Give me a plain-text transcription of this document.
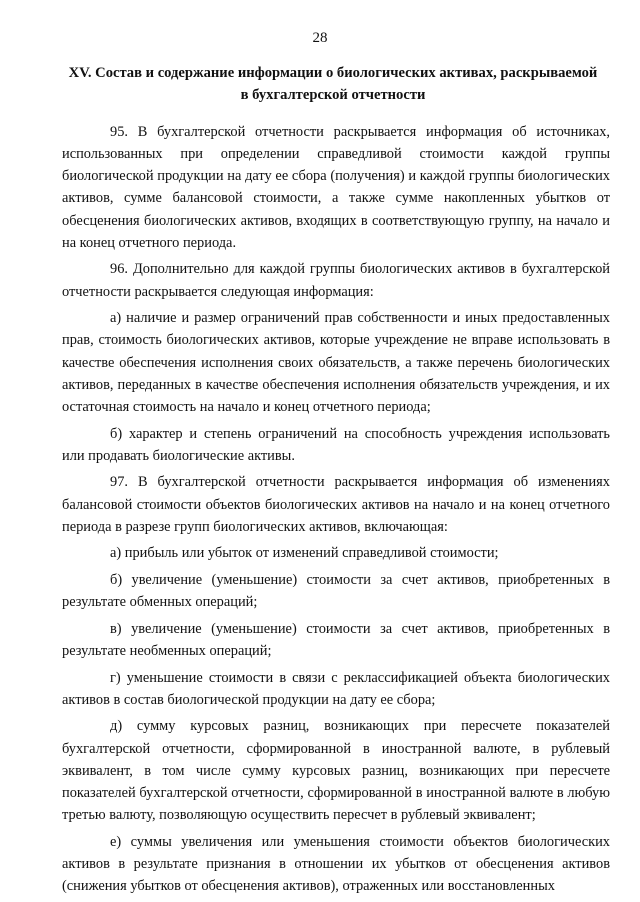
28
XV. Состав и содержание информации о биологических активах, раскрываемой
в бухгалтерской отчетности

95. В бухгалтерской отчетности раскрывается информация об источниках, использованных при определении справедливой стоимости каждой группы биологической продукции на дату ее сбора (получения) и каждой группы биологических активов, сумме балансовой стоимости, а также сумме накопленных убытков от обесценения биологических активов, входящих в соответствующую группу, на начало и на конец отчетного периода.

96. Дополнительно для каждой группы биологических активов в бухгалтерской отчетности раскрывается следующая информация:

а) наличие и размер ограничений прав собственности и иных предоставленных прав, стоимость биологических активов, которые учреждение не вправе использовать в качестве обеспечения исполнения своих обязательств, а также перечень биологических активов, переданных в качестве обеспечения исполнения обязательств учреждения, и их остаточная стоимость на начало и конец отчетного периода;

б) характер и степень ограничений на способность учреждения использовать или продавать биологические активы.

97. В бухгалтерской отчетности раскрывается информация об изменениях балансовой стоимости объектов биологических активов на начало и на конец отчетного периода в разрезе групп биологических активов, включающая:

а) прибыль или убыток от изменений справедливой стоимости;

б) увеличение (уменьшение) стоимости за счет активов, приобретенных в результате обменных операций;

в) увеличение (уменьшение) стоимости за счет активов, приобретенных в результате необменных операций;

г) уменьшение стоимости в связи с реклассификацией объекта биологических активов в состав биологической продукции на дату ее сбора;

д) сумму курсовых разниц, возникающих при пересчете показателей бухгалтерской отчетности, сформированной в иностранной валюте, в рублевый эквивалент, в том числе сумму курсовых разниц, возникающих при пересчете показателей бухгалтерской отчетности, сформированной в иностранной валюте в любую третью валюту, позволяющую осуществить пересчет в рублевый эквивалент;

е) суммы увеличения или уменьшения стоимости объектов биологических активов в результате признания в отношении их убытков от обесценения активов (снижения убытков от обесценения активов), отраженных или восстановленных
